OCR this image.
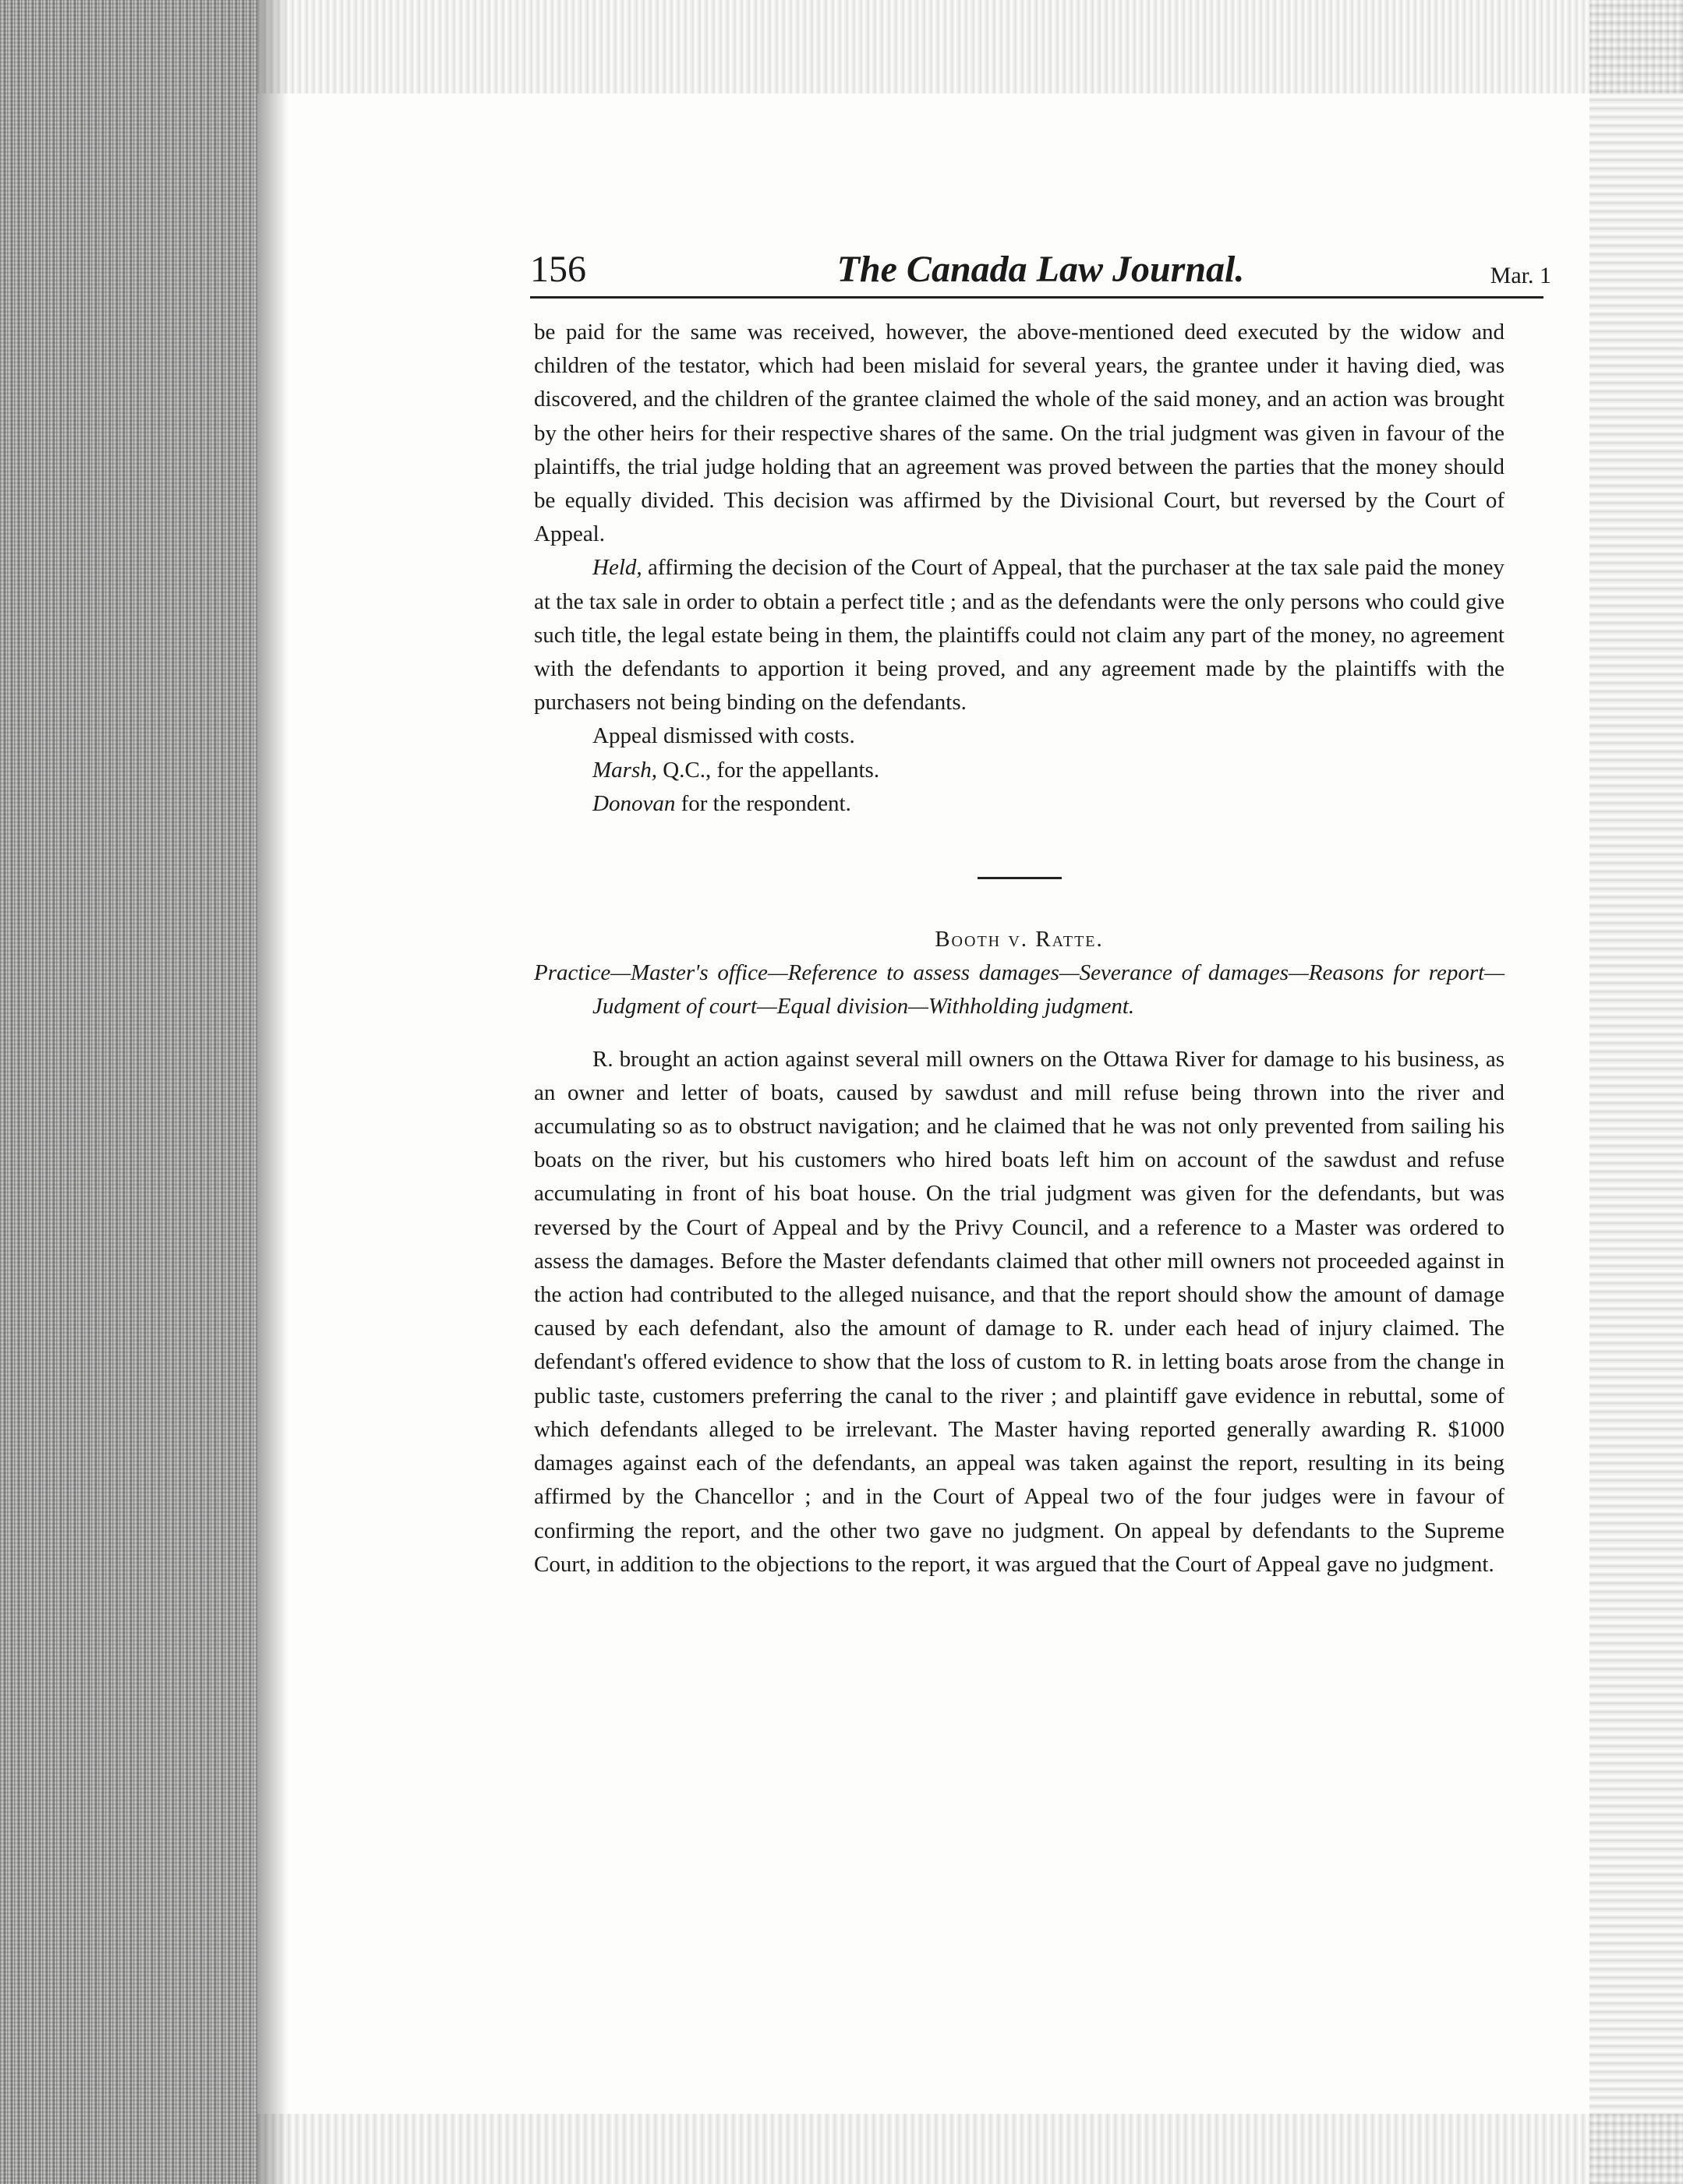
156	The Canada Law Journal.	Mar. 1

be paid for the same was received, however, the above-mentioned deed executed by the widow and children of the testator, which had been mislaid for several years, the grantee under it having died, was discovered, and the children of the grantee claimed the whole of the said money, and an action was brought by the other heirs for their respective shares of the same. On the trial judgment was given in favour of the plaintiffs, the trial judge holding that an agreement was proved between the parties that the money should be equally divided. This decision was affirmed by the Divisional Court, but reversed by the Court of Appeal.

Held, affirming the decision of the Court of Appeal, that the purchaser at the tax sale paid the money at the tax sale in order to obtain a perfect title ; and as the defendants were the only persons who could give such title, the legal estate being in them, the plaintiffs could not claim any part of the money, no agreement with the defendants to apportion it being proved, and any agreement made by the plaintiffs with the purchasers not being binding on the defendants.

Appeal dismissed with costs.

Marsh, Q.C., for the appellants.

Donovan for the respondent.

Booth v. Ratte.

Practice—Master's office—Reference to assess damages—Severance of damages—Reasons for report—Judgment of court—Equal division—Withholding judgment.

R. brought an action against several mill owners on the Ottawa River for damage to his business, as an owner and letter of boats, caused by sawdust and mill refuse being thrown into the river and accumulating so as to obstruct navigation; and he claimed that he was not only prevented from sailing his boats on the river, but his customers who hired boats left him on account of the sawdust and refuse accumulating in front of his boat house. On the trial judgment was given for the defendants, but was reversed by the Court of Appeal and by the Privy Council, and a reference to a Master was ordered to assess the damages. Before the Master defendants claimed that other mill owners not proceeded against in the action had contributed to the alleged nuisance, and that the report should show the amount of damage caused by each defendant, also the amount of damage to R. under each head of injury claimed. The defendant's offered evidence to show that the loss of custom to R. in letting boats arose from the change in public taste, customers preferring the canal to the river ; and plaintiff gave evidence in rebuttal, some of which defendants alleged to be irrelevant. The Master having reported generally awarding R. $1000 damages against each of the defendants, an appeal was taken against the report, resulting in its being affirmed by the Chancellor ; and in the Court of Appeal two of the four judges were in favour of confirming the report, and the other two gave no judgment. On appeal by defendants to the Supreme Court, in addition to the objections to the report, it was argued that the Court of Appeal gave no judgment.
